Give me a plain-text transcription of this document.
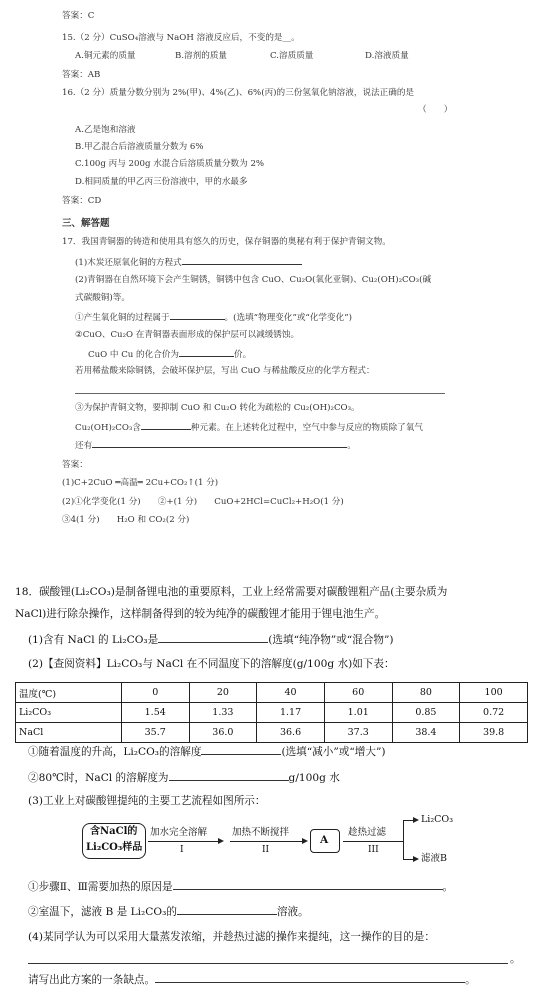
答案：C
15.（2 分）CuSO₄溶液与 NaOH 溶液反应后，不变的是__。
A.铜元素的质量	B.溶剂的质量	C.溶质质量	D.溶液质量
答案：AB
16.（2 分）质量分数分别为 2%(甲)、4%(乙)、6%(丙)的三份氢氧化钠溶液，说法正确的是
（　　）
A.乙是饱和溶液
B.甲乙混合后溶液质量分数为 6%
C.100g 丙与 200g 水混合后溶质质量分数为 2%
D.相同质量的甲乙丙三份溶液中，甲的水最多
答案：CD
三、解答题
17．我国青铜器的铸造和使用具有悠久的历史，保存铜器的奥秘有利于保护青铜文物。
(1)木炭还原氧化铜的方程式
(2)青铜器在自然环境下会产生铜锈，铜锈中包含 CuO、Cu₂O(氧化亚铜)、Cu₂(OH)₂CO₃(碱
式碳酸铜)等。
①产生氧化铜的过程属于	。(选填“物理变化”或“化学变化”)
②CuO、Cu₂O 在青铜器表面形成的保护层可以减缓锈蚀。
CuO 中 Cu 的化合价为	价。
若用稀盐酸来除铜锈，会破坏保护层，写出 CuO 与稀盐酸反应的化学方程式：
③为保护青铜文物，要抑制 CuO 和 Cu₂O 转化为疏松的 Cu₂(OH)₂CO₃。
Cu₂(OH)₂CO₃含	种元素。在上述转化过程中，空气中参与反应的物质除了氧气
还有	。
答案：
(1)C+2CuO ═高温═ 2Cu+CO₂↑(1 分)
(2)①化学变化(1 分)　　②+(1 分)　　CuO+2HCl=CuCl₂+H₂O(1 分)
③4(1 分)　　H₂O 和 CO₂(2 分)
18．碳酸锂(Li₂CO₃)是制备锂电池的重要原料，工业上经常需要对碳酸锂粗产品(主要杂质为
NaCl)进行除杂操作，这样制备得到的较为纯净的碳酸锂才能用于锂电池生产。
(1)含有 NaCl 的 Li₂CO₃是	(选填“纯净物”或“混合物”)
(2)【查阅资料】Li₂CO₃与 NaCl 在不同温度下的溶解度(g/100g 水)如下表：
温度(℃)	0	20	40	60	80	100
Li₂CO₃	1.54	1.33	1.17	1.01	0.85	0.72
NaCl	35.7	36.0	36.6	37.3	38.4	39.8
①随着温度的升高，Li₂CO₃的溶解度	(选填“减小”或“增大”)
②80℃时，NaCl 的溶解度为	g/100g 水
(3)工业上对碳酸锂提纯的主要工艺流程如图所示：
含NaCl的
Li₂CO₃样品
加水完全溶解
I
加热不断搅拌
II
A
趁热过滤
III
Li₂CO₃
滤液B
①步骤Ⅱ、Ⅲ需要加热的原因是	。
②室温下，滤液 B 是 Li₂CO₃的	溶液。
(4)某同学认为可以采用大量蒸发浓缩，并趁热过滤的操作来提纯，这一操作的目的是：
。
请写出此方案的一条缺点。	。
